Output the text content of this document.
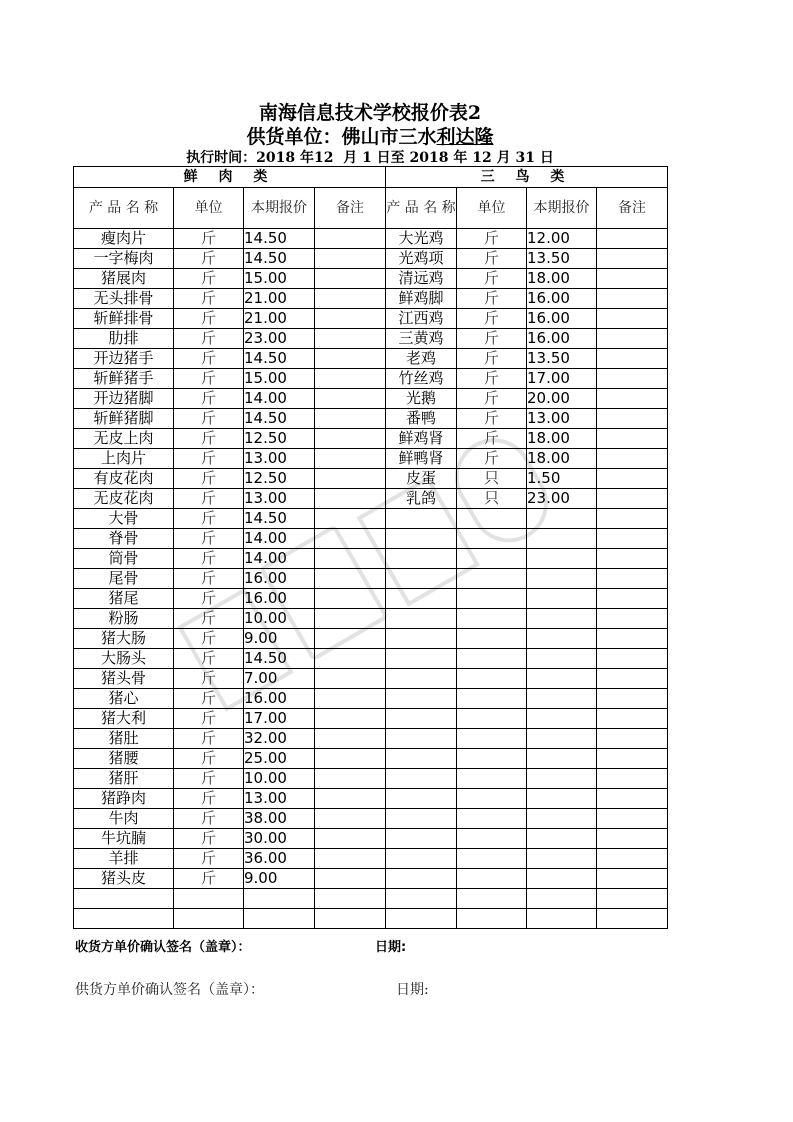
南海信息技术学校报价表2
供货单位：佛山市三水利达隆
执行时间：2018 年12  月 1 日至 2018 年 12 月 31 日
鲜 肉 类				三 鸟 类			
产 品 名 称	单位	本期报价	备注	产 品 名 称	单位	本期报价	备注
瘦肉片	斤	14.50		大光鸡	斤	12.00	
一字梅肉	斤	14.50		光鸡项	斤	13.50	
猪展肉	斤	15.00		清远鸡	斤	18.00	
无头排骨	斤	21.00		鲜鸡脚	斤	16.00	
斩鲜排骨	斤	21.00		江西鸡	斤	16.00	
肋排	斤	23.00		三黄鸡	斤	16.00	
开边猪手	斤	14.50		老鸡	斤	13.50	
斩鲜猪手	斤	15.00		竹丝鸡	斤	17.00	
开边猪脚	斤	14.00		光鹅	斤	20.00	
斩鲜猪脚	斤	14.50		番鸭	斤	13.00	
无皮上肉	斤	12.50		鲜鸡肾	斤	18.00	
上肉片	斤	13.00		鲜鸭肾	斤	18.00	
有皮花肉	斤	12.50		皮蛋	只	1.50	
无皮花肉	斤	13.00		乳鸽	只	23.00	
大骨	斤	14.50					
脊骨	斤	14.00					
筒骨	斤	14.00					
尾骨	斤	16.00					
猪尾	斤	16.00					
粉肠	斤	10.00					
猪大肠	斤	9.00					
大肠头	斤	14.50					
猪头骨	斤	7.00					
猪心	斤	16.00					
猪大利	斤	17.00					
猪肚	斤	32.00					
猪腰	斤	25.00					
猪肝	斤	10.00					
猪踭肉	斤	13.00					
牛肉	斤	38.00					
牛坑腩	斤	30.00					
羊排	斤	36.00					
猪头皮	斤	9.00					

收货方单价确认签名（盖章）：	日期:
供货方单价确认签名（盖章）：	日期:
